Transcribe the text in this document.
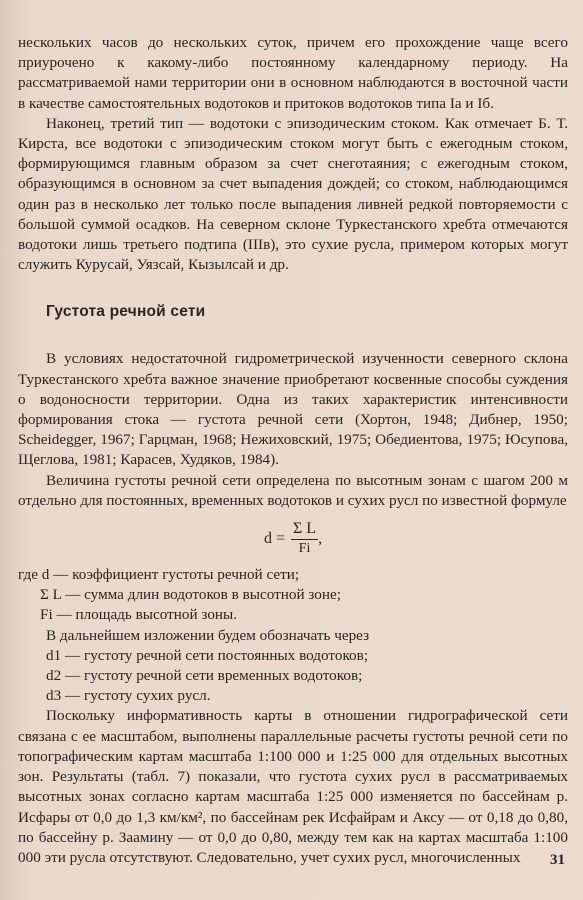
нескольких часов до нескольких суток, причем его прохождение чаще всего приурочено к какому-либо постоянному календарному периоду. На рассматриваемой нами территории они в основном наблюдаются в восточной части в качестве самостоятельных водотоков и притоков водотоков типа Iа и Iб.

Наконец, третий тип — водотоки с эпизодическим стоком. Как отмечает Б. Т. Кирста, все водотоки с эпизодическим стоком могут быть с ежегодным стоком, формирующимся главным образом за счет снеготаяния; с ежегодным стоком, образующимся в основном за счет выпадения дождей; со стоком, наблюдающимся один раз в несколько лет только после выпадения ливней редкой повторяемости с большой суммой осадков. На северном склоне Туркестанского хребта отмечаются водотоки лишь третьего подтипа (IIIв), это сухие русла, примером которых могут служить Курусай, Уязсай, Кызылсай и др.

Густота речной сети

В условиях недостаточной гидрометрической изученности северного склона Туркестанского хребта важное значение приобретают косвенные способы суждения о водоносности территории. Одна из таких характеристик интенсивности формирования стока — густота речной сети (Хортон, 1948; Дибнер, 1950; Scheidegger, 1967; Гарцман, 1968; Нежиховский, 1975; Обедиентова, 1975; Юсупова, Щеглова, 1981; Карасев, Худяков, 1984).

Величина густоты речной сети определена по высотным зонам с шагом 200 м отдельно для постоянных, временных водотоков и сухих русл по известной формуле

$d = \frac{\text{Σ L}}{Fi}$ ,
где d — коэффициент густоты речной сети;
Σ L — сумма длин водотоков в высотной зоне;
Fi — площадь высотной зоны.
В дальнейшем изложении будем обозначать через
d1 — густоту речной сети постоянных водотоков;
d2 — густоту речной сети временных водотоков;
d3 — густоту сухих русл.

Поскольку информативность карты в отношении гидрографической сети связана с ее масштабом, выполнены параллельные расчеты густоты речной сети по топографическим картам масштаба 1:100 000 и 1:25 000 для отдельных высотных зон. Результаты (табл. 7) показали, что густота сухих русл в рассматриваемых высотных зонах согласно картам масштаба 1:25 000 изменяется по бассейнам р. Исфары от 0,0 до 1,3 км/км², по бассейнам рек Исфайрам и Аксу — от 0,18 до 0,80, по бассейну р. Заамину — от 0,0 до 0,80, между тем как на картах масштаба 1:100 000 эти русла отсутствуют. Следовательно, учет сухих русл, многочисленных	31
